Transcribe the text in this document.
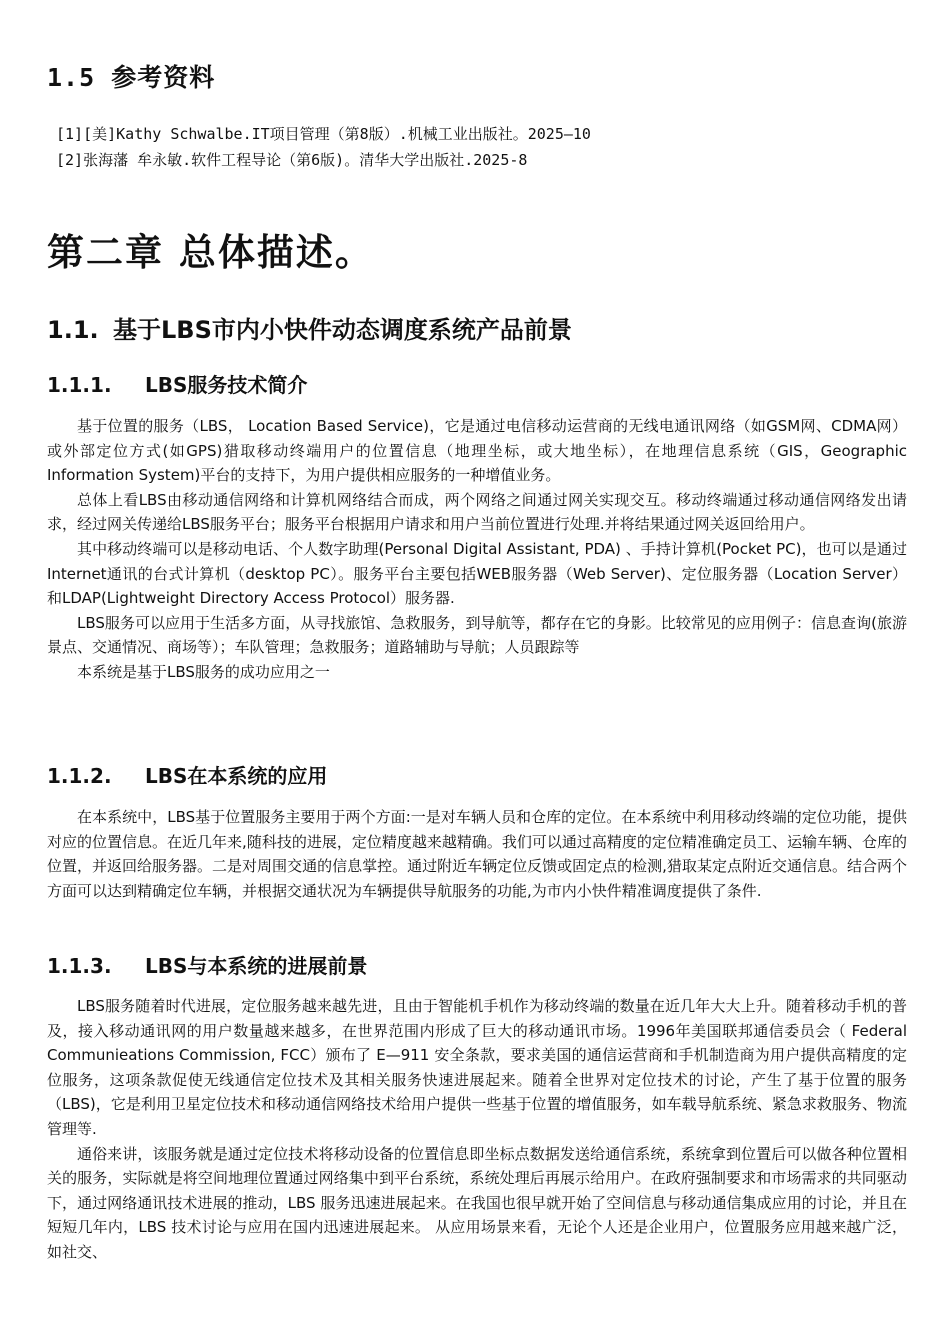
1.5 参考资料
[1][美]Kathy Schwalbe.IT项目管理（第8版）.机械工业出版社。2025—10
[2]张海藩 牟永敏.软件工程导论（第6版)。清华大学出版社.2025-8
第二章 总体描述。
1.1. 基于LBS市内小快件动态调度系统产品前景
1.1.1. LBS服务技术简介

基于位置的服务（LBS， Location Based Service)，它是通过电信移动运营商的无线电通讯网络（如GSM网、CDMA网）或外部定位方式(如GPS)猎取移动终端用户的位置信息（地理坐标，或大地坐标），在地理信息系统（GIS，Geographic Information System)平台的支持下，为用户提供相应服务的一种增值业务。

总体上看LBS由移动通信网络和计算机网络结合而成，两个网络之间通过网关实现交互。移动终端通过移动通信网络发出请求，经过网关传递给LBS服务平台；服务平台根据用户请求和用户当前位置进行处理.并将结果通过网关返回给用户。

其中移动终端可以是移动电话、个人数字助理(Personal Digital Assistant, PDA) 、手持计算机(Pocket PC)，也可以是通过Internet通讯的台式计算机（desktop PC）。服务平台主要包括WEB服务器（Web Server)、定位服务器（Location Server）和LDAP(Lightweight Directory Access Protocol）服务器.

LBS服务可以应用于生活多方面，从寻找旅馆、急救服务，到导航等，都存在它的身影。比较常见的应用例子：信息查询(旅游景点、交通情况、商场等）；车队管理；急救服务；道路辅助与导航；人员跟踪等

本系统是基于LBS服务的成功应用之一

1.1.2. LBS在本系统的应用

在本系统中，LBS基于位置服务主要用于两个方面:一是对车辆人员和仓库的定位。在本系统中利用移动终端的定位功能，提供对应的位置信息。在近几年来,随科技的进展，定位精度越来越精确。我们可以通过高精度的定位精准确定员工、运输车辆、仓库的位置，并返回给服务器。二是对周围交通的信息掌控。通过附近车辆定位反馈或固定点的检测,猎取某定点附近交通信息。结合两个方面可以达到精确定位车辆，并根据交通状况为车辆提供导航服务的功能,为市内小快件精准调度提供了条件.

1.1.3. LBS与本系统的进展前景

LBS服务随着时代进展，定位服务越来越先进，且由于智能机手机作为移动终端的数量在近几年大大上升。随着移动手机的普及，接入移动通讯网的用户数量越来越多，在世界范围内形成了巨大的移动通讯市场。1996年美国联邦通信委员会（ Federal Communieations Commission, FCC）颁布了 E—911 安全条款，要求美国的通信运营商和手机制造商为用户提供高精度的定位服务，这项条款促使无线通信定位技术及其相关服务快速进展起来。随着全世界对定位技术的讨论，产生了基于位置的服务（LBS)，它是利用卫星定位技术和移动通信网络技术给用户提供一些基于位置的增值服务，如车载导航系统、紧急求救服务、物流管理等.

通俗来讲，该服务就是通过定位技术将移动设备的位置信息即坐标点数据发送给通信系统，系统拿到位置后可以做各种位置相关的服务，实际就是将空间地理位置通过网络集中到平台系统，系统处理后再展示给用户。在政府强制要求和市场需求的共同驱动下，通过网络通讯技术进展的推动，LBS 服务迅速进展起来。在我国也很早就开始了空间信息与移动通信集成应用的讨论，并且在短短几年内，LBS 技术讨论与应用在国内迅速进展起来。 从应用场景来看，无论个人还是企业用户，位置服务应用越来越广泛，如社交、
